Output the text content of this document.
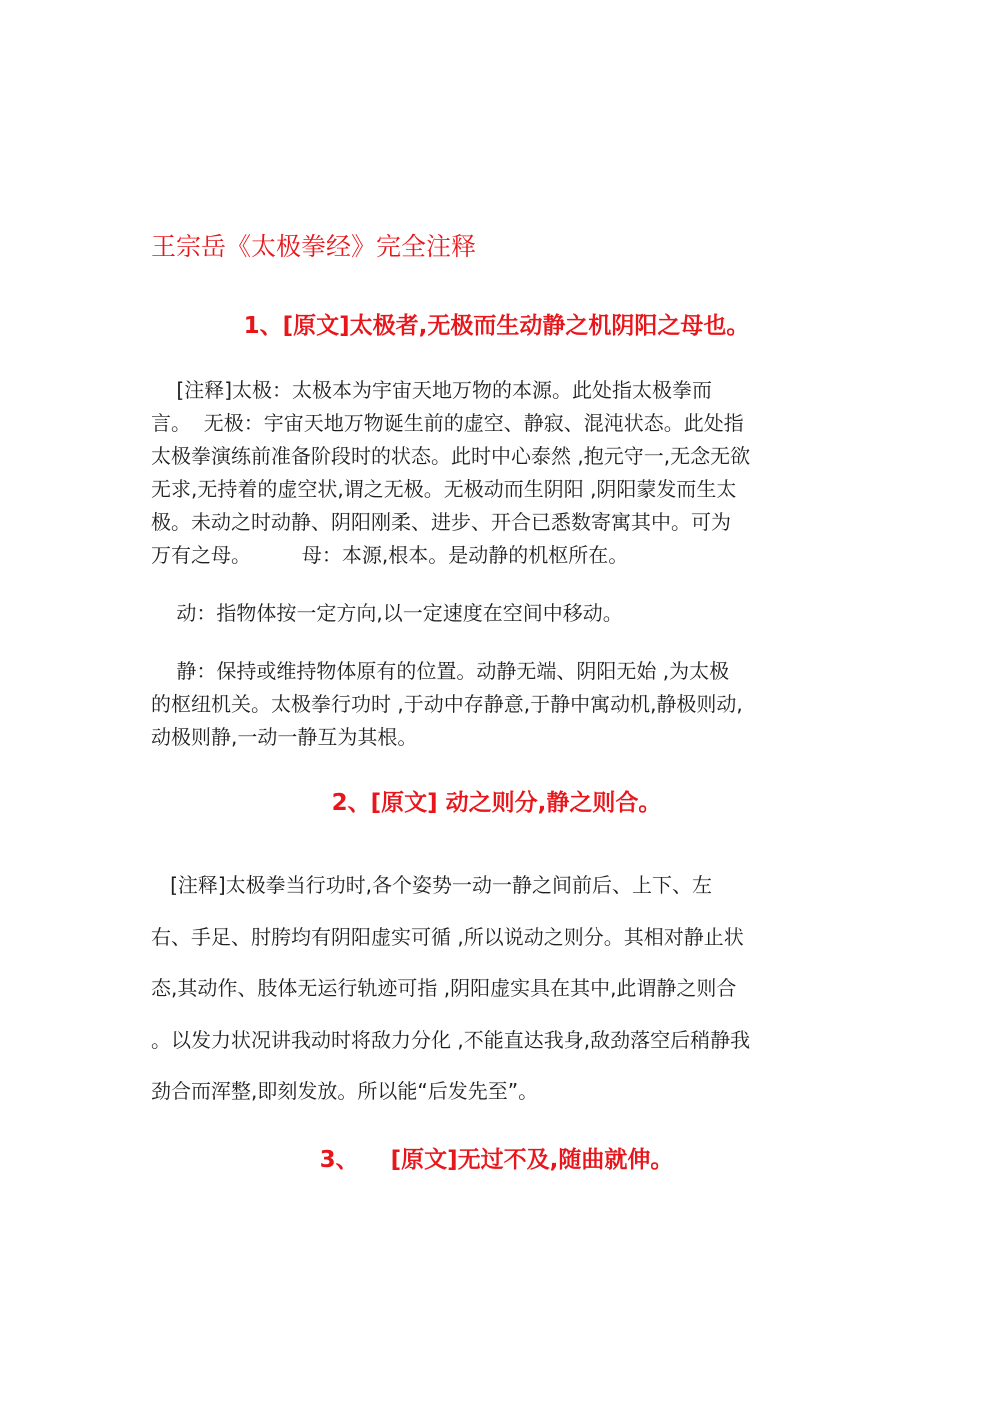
王宗岳《太极拳经》完全注释
1、[原文]太极者,无极而生动静之机阴阳之母也。

[注释]太极：太极本为宇宙天地万物的本源。此处指太极拳而
言。  无极：宇宙天地万物诞生前的虚空、静寂、混沌状态。此处指
太极拳演练前准备阶段时的状态。此时中心泰然 ,抱元守一,无念无欲
无求,无持着的虚空状,谓之无极。无极动而生阴阳 ,阴阳蒙发而生太
极。未动之时动静、阴阳刚柔、进步、开合已悉数寄寓其中。可为
万有之母。        母：本源,根本。是动静的机枢所在。

动：指物体按一定方向,以一定速度在空间中移动。

静：保持或维持物体原有的位置。动静无端、阴阳无始 ,为太极
的枢纽机关。太极拳行功时 ,于动中存静意,于静中寓动机,静极则动,
动极则静,一动一静互为其根。

2、[原文] 动之则分,静之则合。

[注释]太极拳当行功时,各个姿势一动一静之间前后、上下、左
右、手足、肘胯均有阴阳虚实可循 ,所以说动之则分。其相对静止状
态,其动作、肢体无运行轨迹可指 ,阴阳虚实具在其中,此谓静之则合
。以发力状况讲我动时将敌力分化 ,不能直达我身,敌劲落空后稍静我
劲合而浑整,即刻发放。所以能“后发先至”。

3、    [原文]无过不及,随曲就伸。
